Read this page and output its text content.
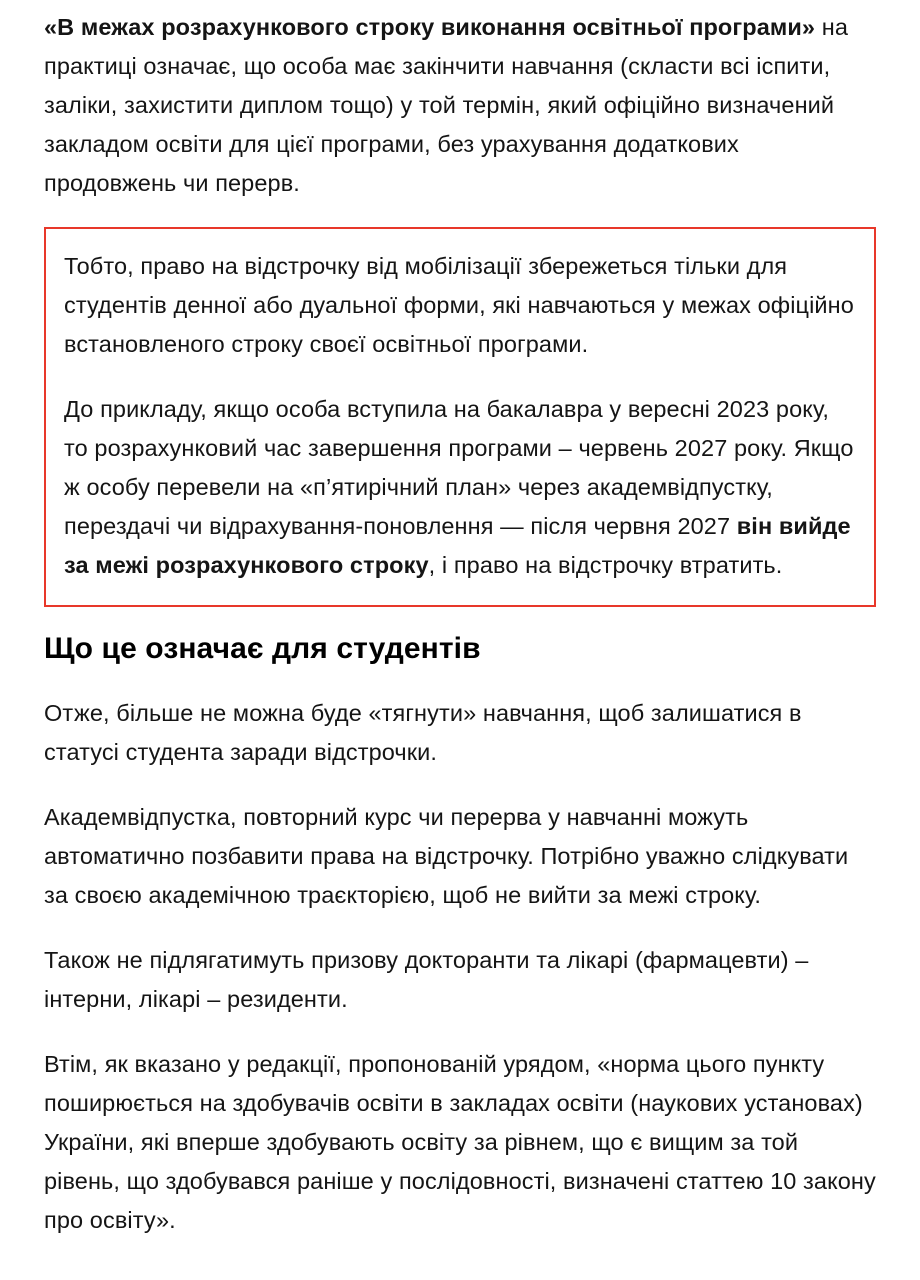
«В межах розрахункового строку виконання освітньої програми» на практиці означає, що особа має закінчити навчання (скласти всі іспити, заліки, захистити диплом тощо) у той термін, який офіційно визначений закладом освіти для цієї програми, без урахування додаткових продовжень чи перерв.

Тобто, право на відстрочку від мобілізації збережеться тільки для студентів денної або дуальної форми, які навчаються у межах офіційно встановленого строку своєї освітньої програми.

До прикладу, якщо особа вступила на бакалавра у вересні 2023 року, то розрахунковий час завершення програми – червень 2027 року. Якщо ж особу перевели на «п’ятирічний план» через академвідпустку, перездачі чи відрахування-поновлення — після червня 2027 він вийде за межі розрахункового строку, і право на відстрочку втратить.

Що це означає для студентів

Отже, більше не можна буде «тягнути» навчання, щоб залишатися в статусі студента заради відстрочки.

Академвідпустка, повторний курс чи перерва у навчанні можуть автоматично позбавити права на відстрочку. Потрібно уважно слідкувати за своєю академічною траєкторією, щоб не вийти за межі строку.

Також не підлягатимуть призову докторанти та лікарі (фармацевти) – інтерни, лікарі – резиденти.

Втім, як вказано у редакції, пропонованій урядом, «норма цього пункту поширюється на здобувачів освіти в закладах освіти (наукових установах) України, які вперше здобувають освіту за рівнем, що є вищим за той рівень, що здобувався раніше у послідовності, визначені статтею 10 закону про освіту».
